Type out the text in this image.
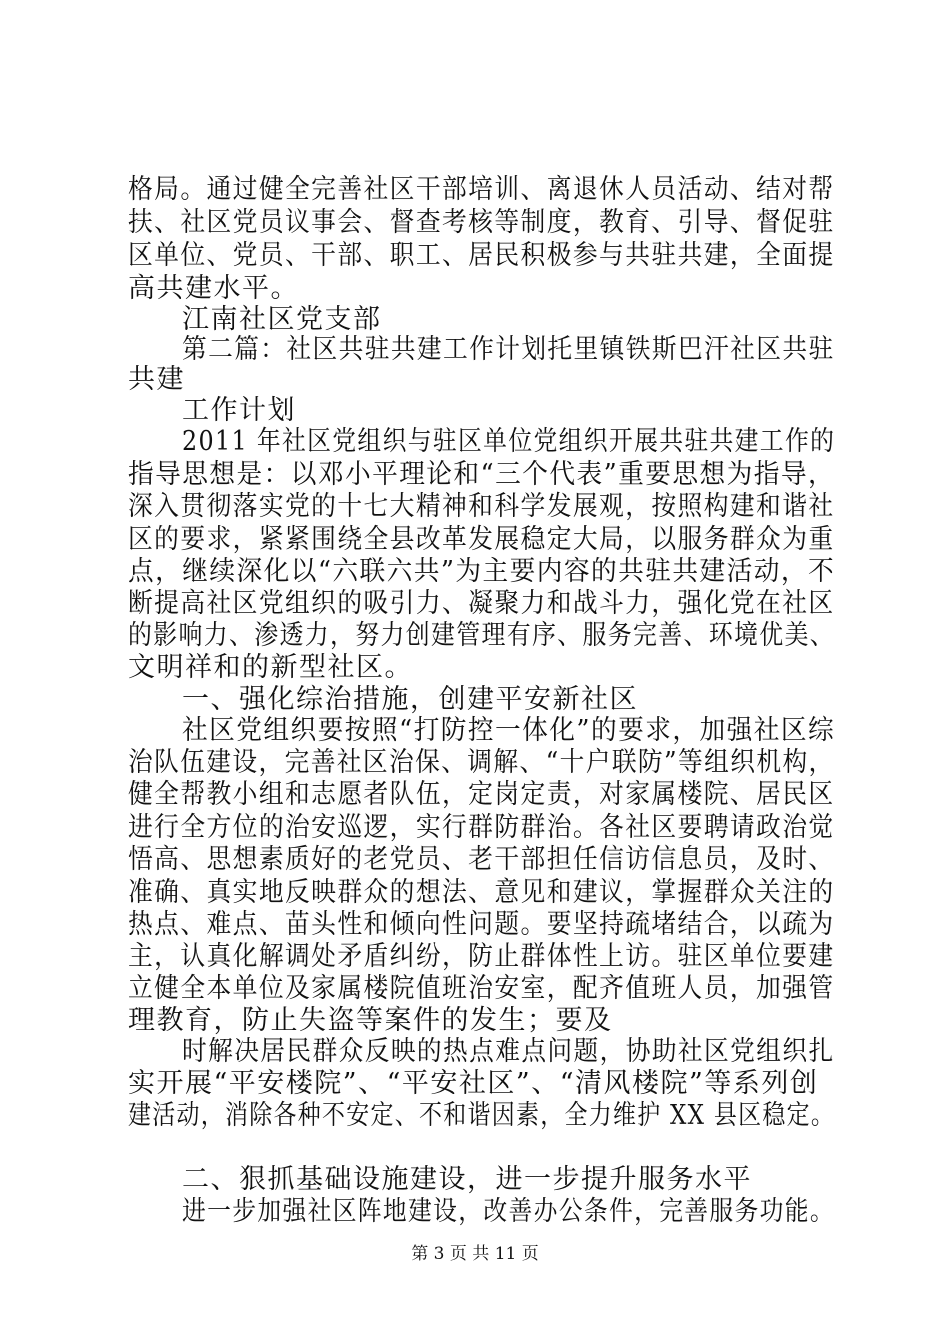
格局。通过健全完善社区干部培训、离退休人员活动、结对帮
扶、社区党员议事会、督查考核等制度，教育、引导、督促驻
区单位、党员、干部、职工、居民积极参与共驻共建，全面提
高共建水平。
江南社区党支部
第二篇：社区共驻共建工作计划托里镇铁斯巴汗社区共驻
共建
工作计划
2011 年社区党组织与驻区单位党组织开展共驻共建工作的
指导思想是：以邓小平理论和“三个代表”重要思想为指导，
深入贯彻落实党的十七大精神和科学发展观，按照构建和谐社
区的要求，紧紧围绕全县改革发展稳定大局，以服务群众为重
点，继续深化以“六联六共”为主要内容的共驻共建活动，不
断提高社区党组织的吸引力、凝聚力和战斗力，强化党在社区
的影响力、渗透力，努力创建管理有序、服务完善、环境优美、
文明祥和的新型社区。
一、强化综治措施，创建平安新社区
社区党组织要按照“打防控一体化”的要求，加强社区综
治队伍建设，完善社区治保、调解、“十户联防”等组织机构，
健全帮教小组和志愿者队伍，定岗定责，对家属楼院、居民区
进行全方位的治安巡逻，实行群防群治。各社区要聘请政治觉
悟高、思想素质好的老党员、老干部担任信访信息员，及时、
准确、真实地反映群众的想法、意见和建议，掌握群众关注的
热点、难点、苗头性和倾向性问题。要坚持疏堵结合，以疏为
主，认真化解调处矛盾纠纷，防止群体性上访。驻区单位要建
立健全本单位及家属楼院值班治安室，配齐值班人员，加强管
理教育，防止失盗等案件的发生；要及
时解决居民群众反映的热点难点问题，协助社区党组织扎
实开展“平安楼院”、“平安社区”、“清风楼院”等系列创
建活动，消除各种不安定、不和谐因素，全力维护 XX 县区稳定。
二、狠抓基础设施建设，进一步提升服务水平
进一步加强社区阵地建设，改善办公条件，完善服务功能。
第 3 页 共 11 页
